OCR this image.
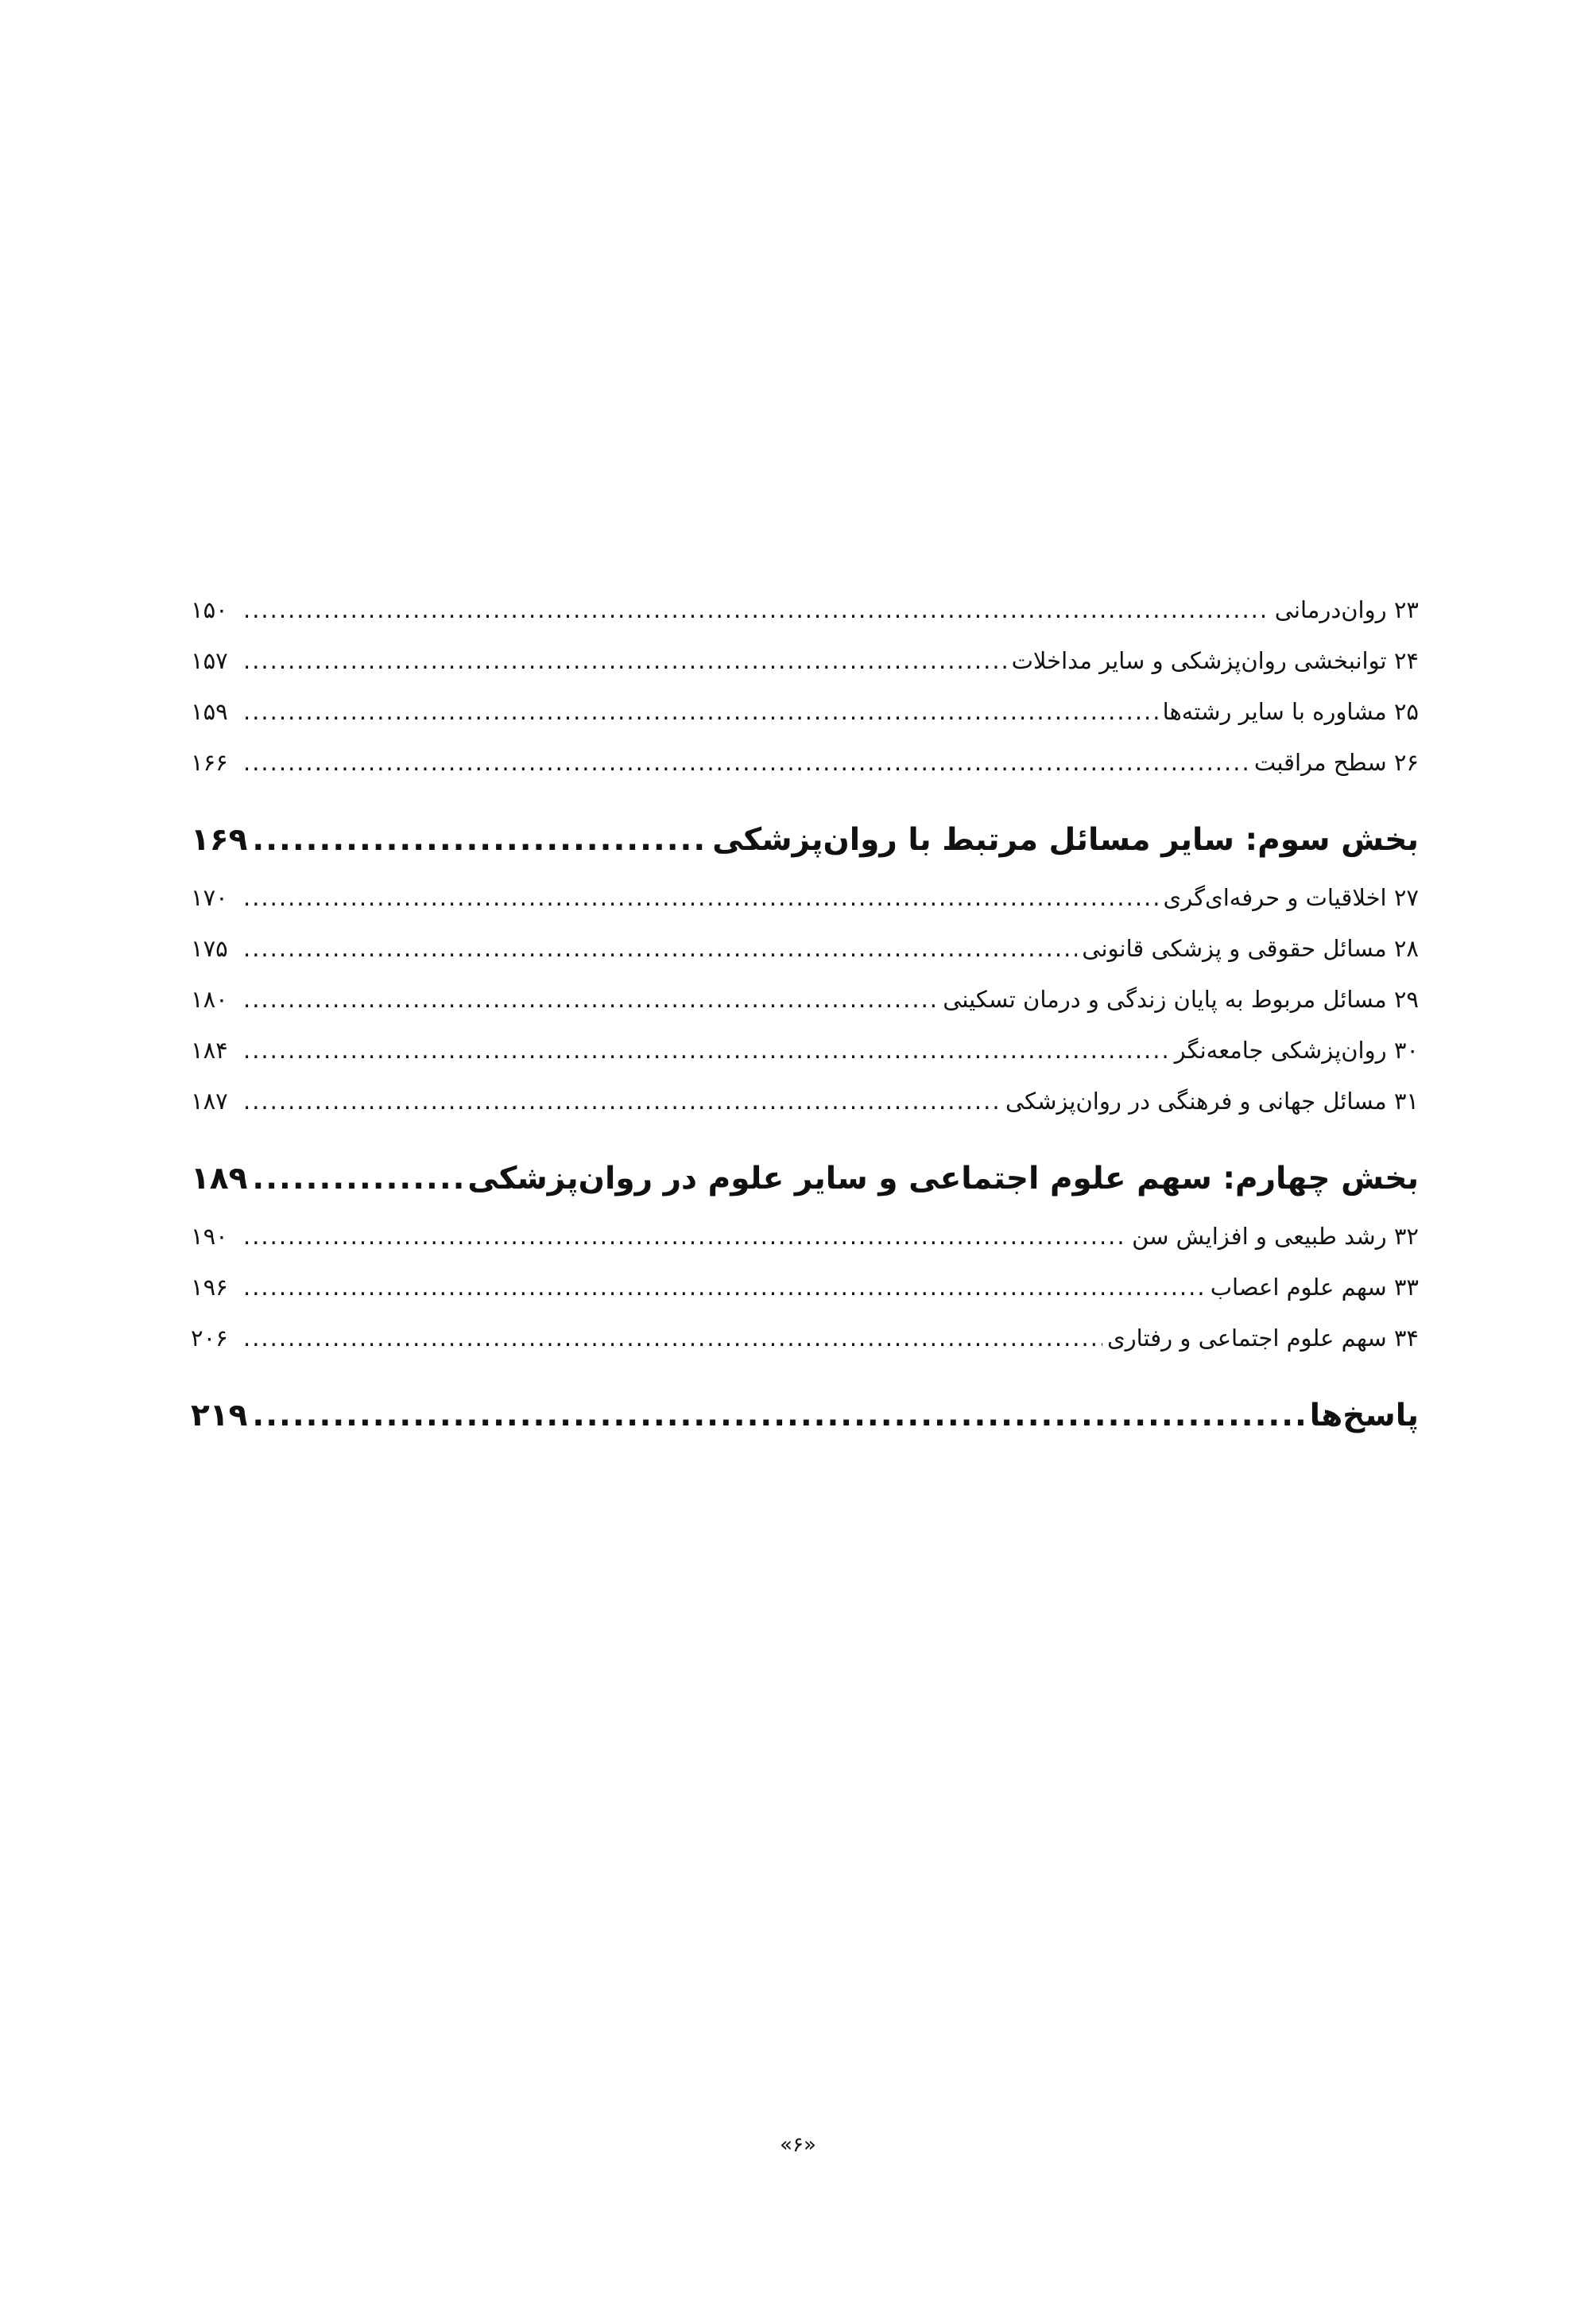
۲۳ روان‌درمانی
.....
۱۵۰
۲۴ توانبخشی روان‌پزشکی و سایر مداخلات
.....
۱۵۷
۲۵ مشاوره با سایر رشته‌ها
.....
۱۵۹
۲۶ سطح مراقبت
.....
۱۶۶
بخش سوم: سایر مسائل مرتبط با روان‌پزشکی
.....
۱۶۹
۲۷ اخلاقیات و حرفه‌ای‌گری
.....
۱۷۰
۲۸ مسائل حقوقی و پزشکی قانونی
.....
۱۷۵
۲۹ مسائل مربوط به پایان زندگی و درمان تسکینی
.....
۱۸۰
۳۰ روان‌پزشکی جامعه‌نگر
.....
۱۸۴
۳۱ مسائل جهانی و فرهنگی در روان‌پزشکی
.....
۱۸۷
بخش چهارم: سهم علوم اجتماعی و سایر علوم در روان‌پزشکی
.....
۱۸۹
۳۲ رشد طبیعی و افزایش سن
.....
۱۹۰
۳۳ سهم علوم اعصاب
.....
۱۹۶
۳۴ سهم علوم اجتماعی و رفتاری
.....
۲۰۶
پاسخ‌ها
.....
۲۱۹
«۶»
